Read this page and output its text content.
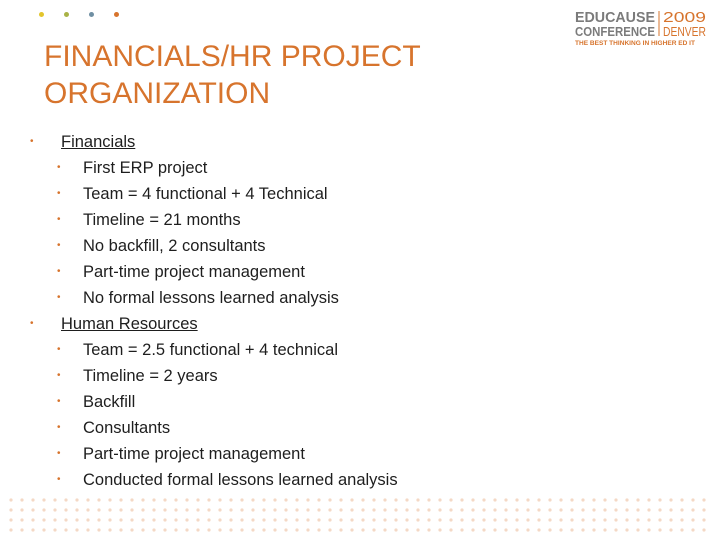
EDUCAUSE
CONFERENCE
2009
DENVER
THE BEST THINKING IN HIGHER ED IT
FINANCIALS/HR PROJECT
ORGANIZATION
• Financials
• First ERP project
• Team = 4 functional + 4 Technical
• Timeline = 21 months
• No backfill, 2 consultants
• Part-time project management
• No formal lessons learned analysis
• Human Resources
• Team = 2.5 functional + 4 technical
• Timeline = 2 years
• Backfill
• Consultants
• Part-time project management
• Conducted formal lessons learned analysis
